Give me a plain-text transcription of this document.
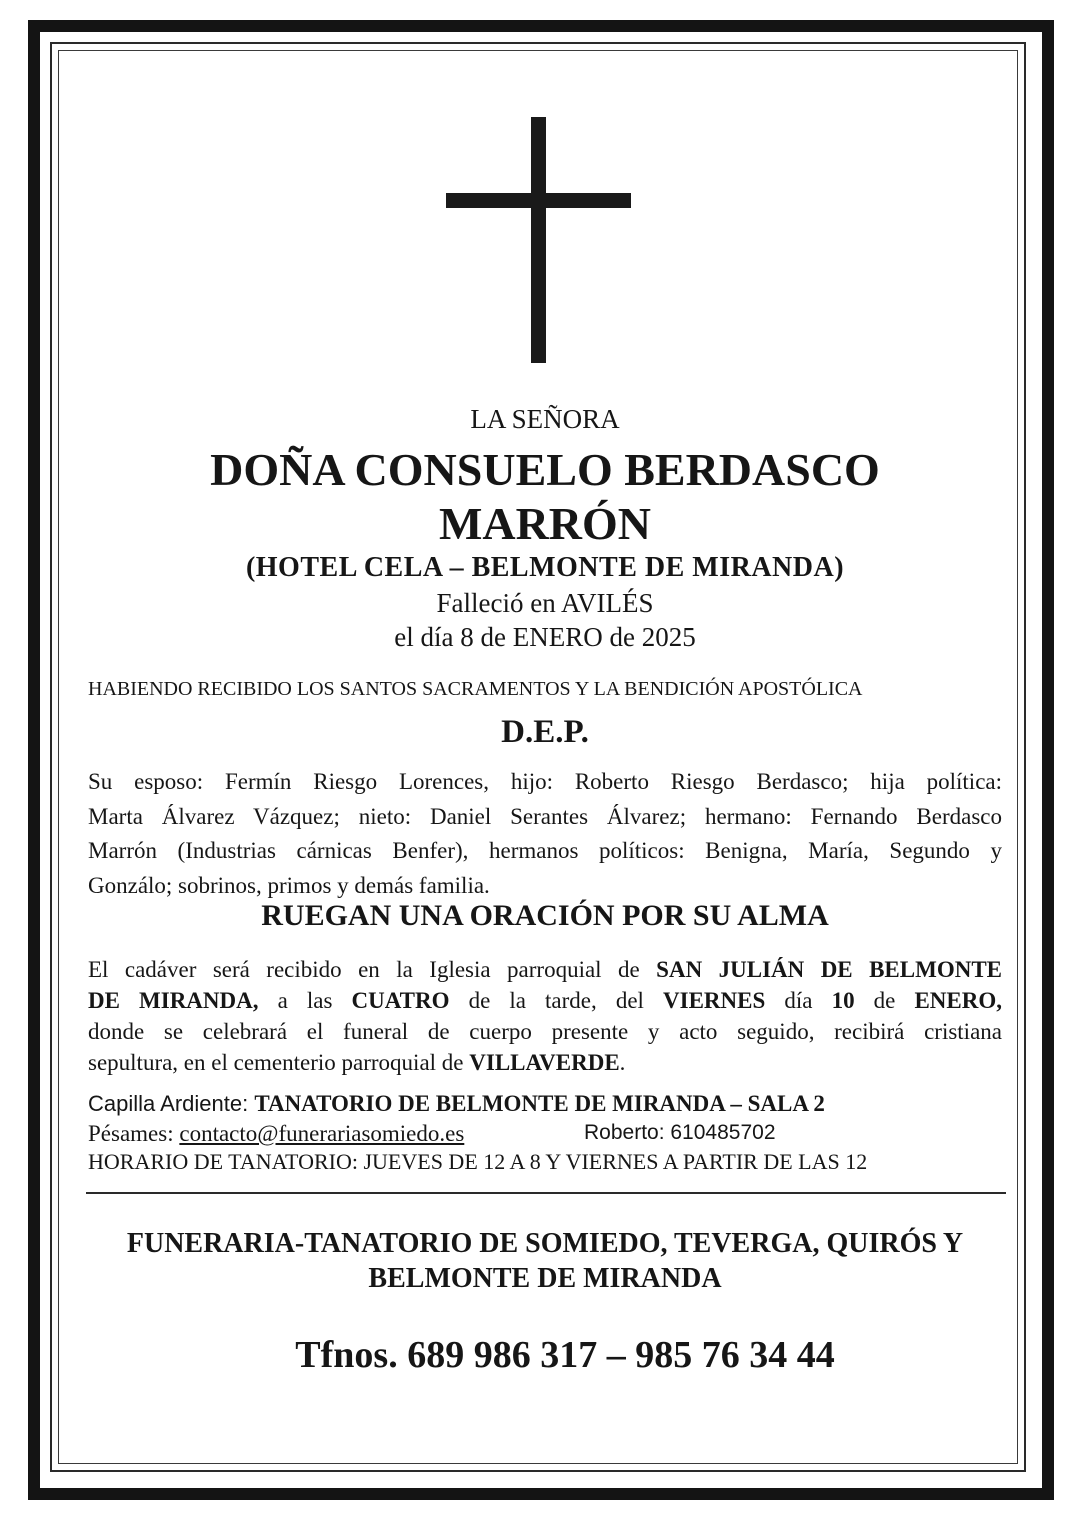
LA SEÑORA
DOÑA CONSUELO BERDASCO
MARRÓN
(HOTEL CELA – BELMONTE DE MIRANDA)
Falleció en AVILÉS
el día 8 de ENERO de 2025
HABIENDO RECIBIDO LOS SANTOS SACRAMENTOS Y LA BENDICIÓN APOSTÓLICA
D.E.P.
Su esposo: Fermín Riesgo Lorences, hijo: Roberto Riesgo Berdasco; hija política:
Marta Álvarez Vázquez; nieto: Daniel Serantes Álvarez; hermano: Fernando Berdasco
Marrón (Industrias cárnicas Benfer), hermanos políticos: Benigna, María, Segundo y
Gonzálo; sobrinos, primos y demás familia.
RUEGAN UNA ORACIÓN POR SU ALMA
El cadáver será recibido en la Iglesia parroquial de SAN JULIÁN DE BELMONTE
DE MIRANDA, a las CUATRO de la tarde, del VIERNES día 10 de ENERO,
donde se celebrará el funeral de cuerpo presente y acto seguido, recibirá cristiana
sepultura, en el cementerio parroquial de VILLAVERDE.
Capilla Ardiente: TANATORIO DE BELMONTE DE MIRANDA – SALA 2
Pésames: contacto@funerariasomiedo.es	Roberto: 610485702
HORARIO DE TANATORIO: JUEVES DE 12 A 8 Y VIERNES A PARTIR DE LAS 12
FUNERARIA-TANATORIO DE SOMIEDO, TEVERGA, QUIRÓS Y
BELMONTE DE MIRANDA
Tfnos. 689 986 317 – 985 76 34 44
